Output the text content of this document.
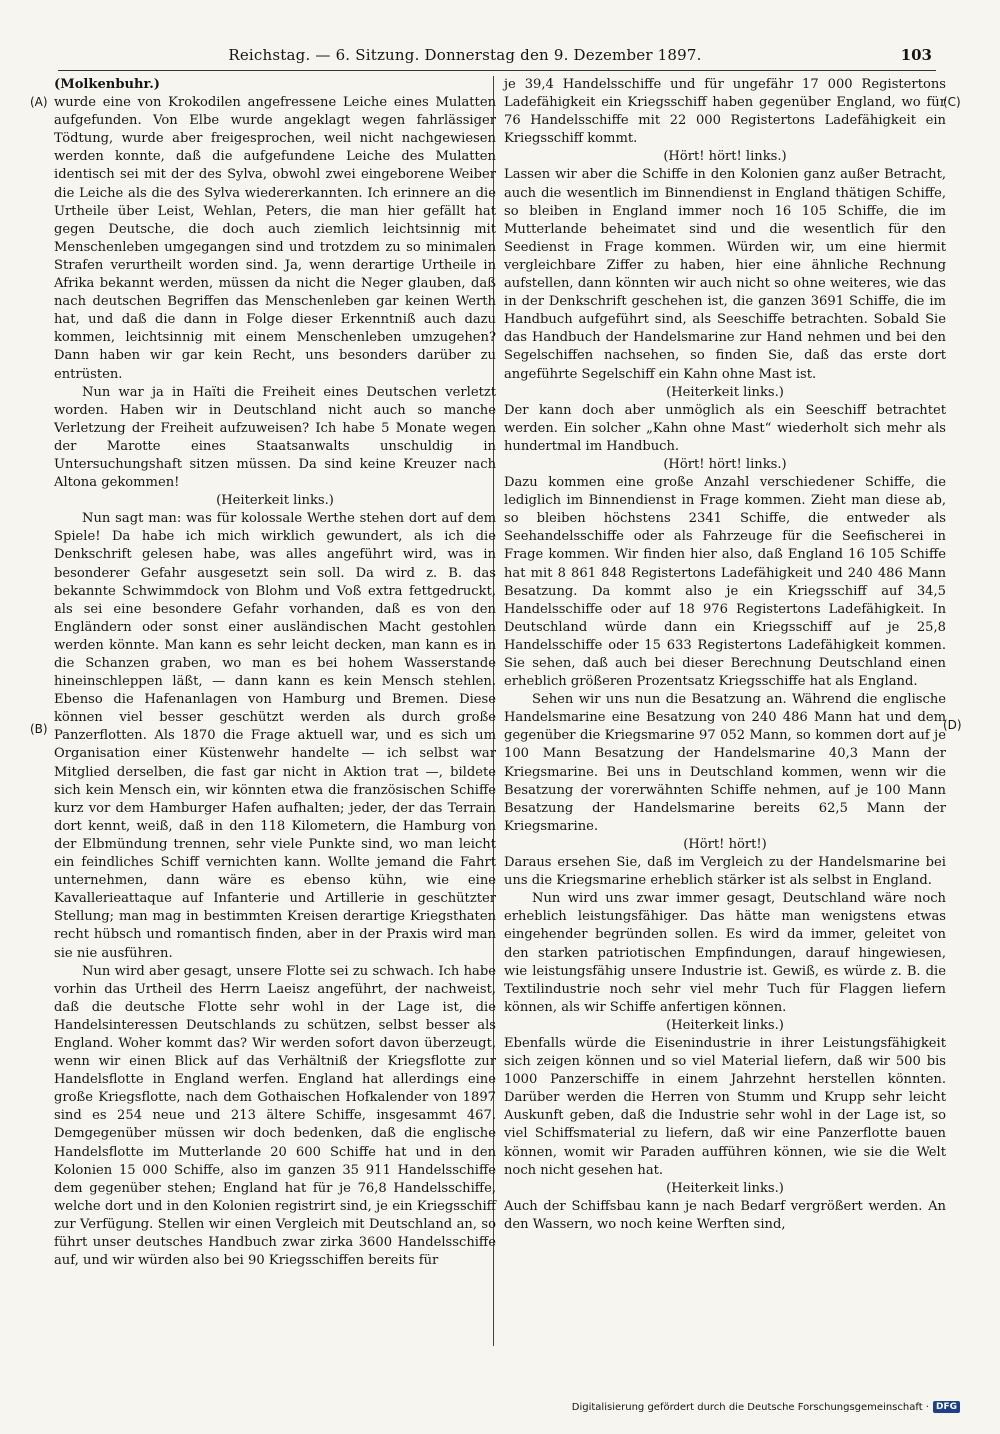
Reichstag. — 6. Sitzung. Donnerstag den 9. Dezember 1897.	103
(A)
(B)
(C)
(D)

(Molkenbuhr.)

wurde eine von Krokodilen angefressene Leiche eines Mulatten aufgefunden. Von Elbe wurde angeklagt wegen fahrlässiger Tödtung, wurde aber freigesprochen, weil nicht nachgewiesen werden konnte, daß die aufgefundene Leiche des Mulatten identisch sei mit der des Sylva, obwohl zwei eingeborene Weiber die Leiche als die des Sylva wiedererkannten. Ich erinnere an die Urtheile über Leist, Wehlan, Peters, die man hier gefällt hat gegen Deutsche, die doch auch ziemlich leichtsinnig mit Menschenleben umgegangen sind und trotzdem zu so minimalen Strafen verurtheilt worden sind. Ja, wenn derartige Urtheile in Afrika bekannt werden, müssen da nicht die Neger glauben, daß nach deutschen Begriffen das Menschenleben gar keinen Werth hat, und daß die dann in Folge dieser Erkenntniß auch dazu kommen, leichtsinnig mit einem Menschenleben umzugehen? Dann haben wir gar kein Recht, uns besonders darüber zu entrüsten.

Nun war ja in Haïti die Freiheit eines Deutschen verletzt worden. Haben wir in Deutschland nicht auch so manche Verletzung der Freiheit aufzuweisen? Ich habe 5 Monate wegen der Marotte eines Staatsanwalts unschuldig in Untersuchungshaft sitzen müssen. Da sind keine Kreuzer nach Altona gekommen!

(Heiterkeit links.)

Nun sagt man: was für kolossale Werthe stehen dort auf dem Spiele! Da habe ich mich wirklich gewundert, als ich die Denkschrift gelesen habe, was alles angeführt wird, was in besonderer Gefahr ausgesetzt sein soll. Da wird z. B. das bekannte Schwimmdock von Blohm und Voß extra fettgedruckt, als sei eine besondere Gefahr vorhanden, daß es von den Engländern oder sonst einer ausländischen Macht gestohlen werden könnte. Man kann es sehr leicht decken, man kann es in die Schanzen graben, wo man es bei hohem Wasserstande hineinschleppen läßt, — dann kann es kein Mensch stehlen. Ebenso die Hafenanlagen von Hamburg und Bremen. Diese können viel besser geschützt werden als durch große Panzerflotten. Als 1870 die Frage aktuell war, und es sich um Organisation einer Küstenwehr handelte — ich selbst war Mitglied derselben, die fast gar nicht in Aktion trat —, bildete sich kein Mensch ein, wir könnten etwa die französischen Schiffe kurz vor dem Hamburger Hafen aufhalten; jeder, der das Terrain dort kennt, weiß, daß in den 118 Kilometern, die Hamburg von der Elbmündung trennen, sehr viele Punkte sind, wo man leicht ein feindliches Schiff vernichten kann. Wollte jemand die Fahrt unternehmen, dann wäre es ebenso kühn, wie eine Kavallerieattaque auf Infanterie und Artillerie in geschützter Stellung; man mag in bestimmten Kreisen derartige Kriegsthaten recht hübsch und romantisch finden, aber in der Praxis wird man sie nie ausführen.

Nun wird aber gesagt, unsere Flotte sei zu schwach. Ich habe vorhin das Urtheil des Herrn Laeisz angeführt, der nachweist, daß die deutsche Flotte sehr wohl in der Lage ist, die Handelsinteressen Deutschlands zu schützen, selbst besser als England. Woher kommt das? Wir werden sofort davon überzeugt, wenn wir einen Blick auf das Verhältniß der Kriegsflotte zur Handelsflotte in England werfen. England hat allerdings eine große Kriegsflotte, nach dem Gothaischen Hofkalender von 1897 sind es 254 neue und 213 ältere Schiffe, insgesammt 467. Demgegenüber müssen wir doch bedenken, daß die englische Handelsflotte im Mutterlande 20 600 Schiffe hat und in den Kolonien 15 000 Schiffe, also im ganzen 35 911 Handelsschiffe dem gegenüber stehen; England hat für je 76,8 Handelsschiffe, welche dort und in den Kolonien registrirt sind, je ein Kriegsschiff zur Verfügung. Stellen wir einen Vergleich mit Deutschland an, so führt unser deutsches Handbuch zwar zirka 3600 Handelsschiffe auf, und wir würden also bei 90 Kriegsschiffen bereits für

je 39,4 Handelsschiffe und für ungefähr 17 000 Registertons Ladefähigkeit ein Kriegsschiff haben gegenüber England, wo für 76 Handelsschiffe mit 22 000 Registertons Ladefähigkeit ein Kriegsschiff kommt.

(Hört! hört! links.)

Lassen wir aber die Schiffe in den Kolonien ganz außer Betracht, auch die wesentlich im Binnendienst in England thätigen Schiffe, so bleiben in England immer noch 16 105 Schiffe, die im Mutterlande beheimatet sind und die wesentlich für den Seedienst in Frage kommen. Würden wir, um eine hiermit vergleichbare Ziffer zu haben, hier eine ähnliche Rechnung aufstellen, dann könnten wir auch nicht so ohne weiteres, wie das in der Denkschrift geschehen ist, die ganzen 3691 Schiffe, die im Handbuch aufgeführt sind, als Seeschiffe betrachten. Sobald Sie das Handbuch der Handelsmarine zur Hand nehmen und bei den Segelschiffen nachsehen, so finden Sie, daß das erste dort angeführte Segelschiff ein Kahn ohne Mast ist.

(Heiterkeit links.)

Der kann doch aber unmöglich als ein Seeschiff betrachtet werden. Ein solcher „Kahn ohne Mast“ wiederholt sich mehr als hundertmal im Handbuch.

(Hört! hört! links.)

Dazu kommen eine große Anzahl verschiedener Schiffe, die lediglich im Binnendienst in Frage kommen. Zieht man diese ab, so bleiben höchstens 2341 Schiffe, die entweder als Seehandelsschiffe oder als Fahrzeuge für die Seefischerei in Frage kommen. Wir finden hier also, daß England 16 105 Schiffe hat mit 8 861 848 Registertons Ladefähigkeit und 240 486 Mann Besatzung. Da kommt also je ein Kriegsschiff auf 34,5 Handelsschiffe oder auf 18 976 Registertons Ladefähigkeit. In Deutschland würde dann ein Kriegsschiff auf je 25,8 Handelsschiffe oder 15 633 Registertons Ladefähigkeit kommen. Sie sehen, daß auch bei dieser Berechnung Deutschland einen erheblich größeren Prozentsatz Kriegsschiffe hat als England.

Sehen wir uns nun die Besatzung an. Während die englische Handelsmarine eine Besatzung von 240 486 Mann hat und dem gegenüber die Kriegsmarine 97 052 Mann, so kommen dort auf je 100 Mann Besatzung der Handelsmarine 40,3 Mann der Kriegsmarine. Bei uns in Deutschland kommen, wenn wir die Besatzung der vorerwähnten Schiffe nehmen, auf je 100 Mann Besatzung der Handelsmarine bereits 62,5 Mann der Kriegsmarine.

(Hört! hört!)

Daraus ersehen Sie, daß im Vergleich zu der Handelsmarine bei uns die Kriegsmarine erheblich stärker ist als selbst in England.

Nun wird uns zwar immer gesagt, Deutschland wäre noch erheblich leistungsfähiger. Das hätte man wenigstens etwas eingehender begründen sollen. Es wird da immer, geleitet von den starken patriotischen Empfindungen, darauf hingewiesen, wie leistungsfähig unsere Industrie ist. Gewiß, es würde z. B. die Textilindustrie noch sehr viel mehr Tuch für Flaggen liefern können, als wir Schiffe anfertigen können.

(Heiterkeit links.)

Ebenfalls würde die Eisenindustrie in ihrer Leistungsfähigkeit sich zeigen können und so viel Material liefern, daß wir 500 bis 1000 Panzerschiffe in einem Jahrzehnt herstellen könnten. Darüber werden die Herren von Stumm und Krupp sehr leicht Auskunft geben, daß die Industrie sehr wohl in der Lage ist, so viel Schiffsmaterial zu liefern, daß wir eine Panzerflotte bauen können, womit wir Paraden aufführen können, wie sie die Welt noch nicht gesehen hat.

(Heiterkeit links.)

Auch der Schiffsbau kann je nach Bedarf vergrößert werden. An den Wassern, wo noch keine Werften sind,

Digitalisierung gefördert durch die Deutsche Forschungsgemeinschaft · DFG
